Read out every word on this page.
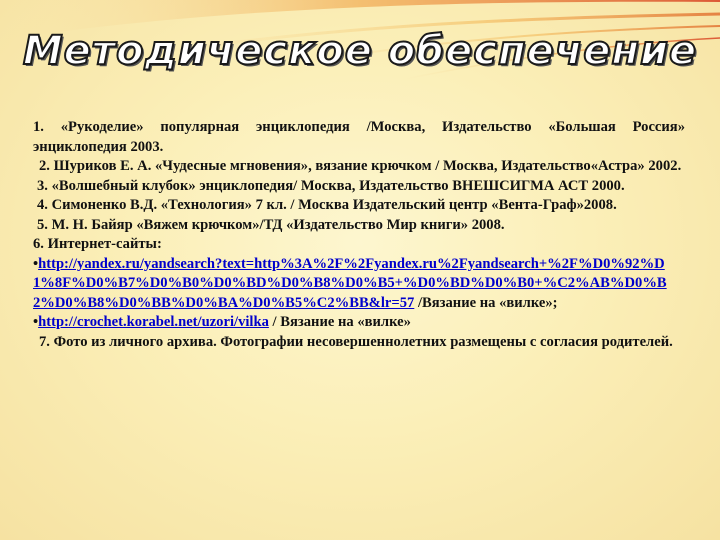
Методическое обеспечение

1. «Рукоделие» популярная энциклопедия /Москва, Издательство «Большая Россия» энциклопедия 2003.

2. Шуриков Е. А. «Чудесные мгновения», вязание крючком / Москва, Издательство«Астра» 2002.

3. «Волшебный клубок» энциклопедия/ Москва, Издательство ВНЕШСИГМА АСТ 2000.

4. Симоненко В.Д. «Технология» 7 кл. / Москва Издательский центр «Вента-Граф»2008.

5. М. Н. Байяр «Вяжем крючком»/ТД «Издательство Мир книги» 2008.

6. Интернет-сайты:

•http://yandex.ru/yandsearch?text=http%3A%2F%2Fyandex.ru%2Fyandsearch+%2F%D0%92%D1%8F%D0%B7%D0%B0%D0%BD%D0%B8%D0%B5+%D0%BD%D0%B0+%C2%AB%D0%B2%D0%B8%D0%BB%D0%BA%D0%B5%C2%BB&lr=57 /Вязание на «вилке»;

•http://crochet.korabel.net/uzori/vilka / Вязание на «вилке»

7. Фото из личного архива. Фотографии несовершеннолетних размещены с согласия родителей.
